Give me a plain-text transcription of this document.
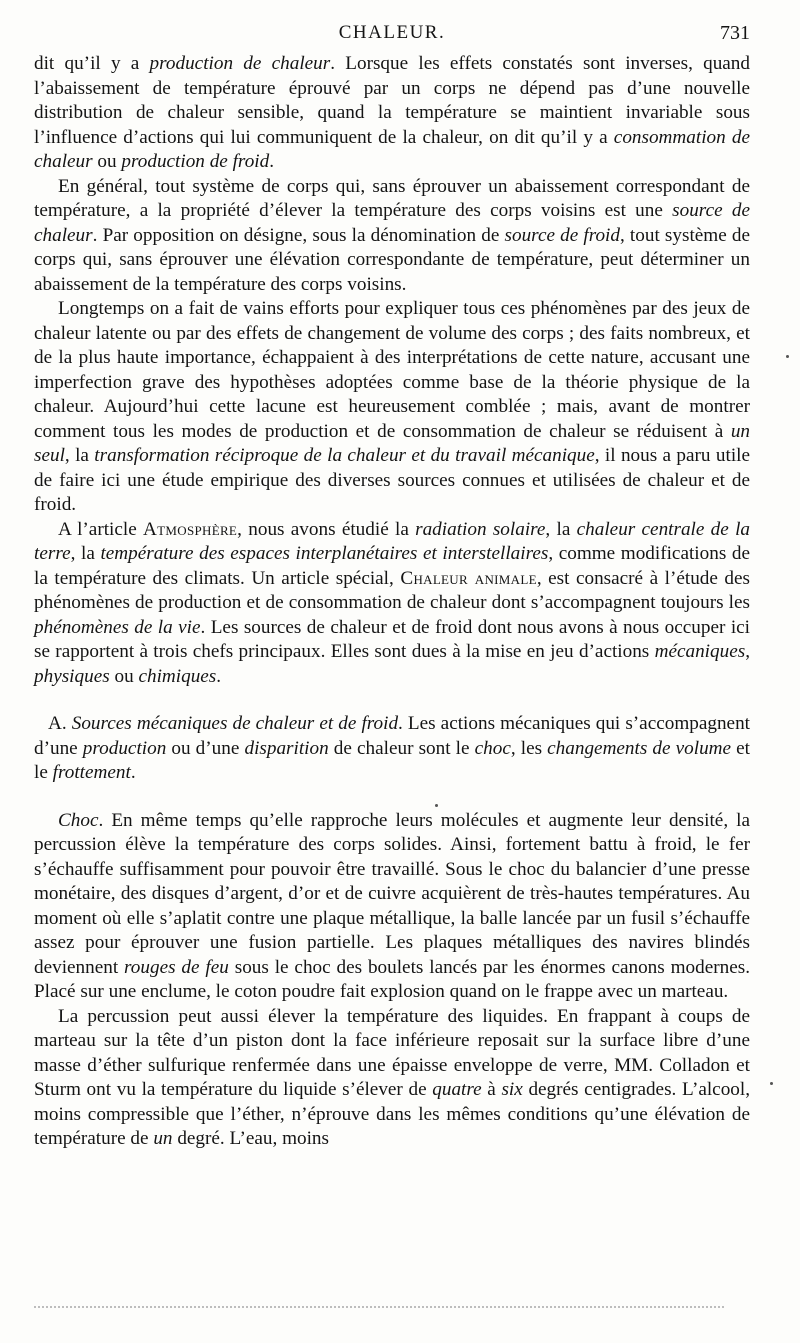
CHALEUR.	731

dit qu’il y a production de chaleur. Lorsque les effets constatés sont inverses, quand l’abaissement de température éprouvé par un corps ne dépend pas d’une nouvelle distribution de chaleur sensible, quand la température se maintient invariable sous l’influence d’actions qui lui communiquent de la chaleur, on dit qu’il y a consommation de chaleur ou production de froid.

En général, tout système de corps qui, sans éprouver un abaissement correspondant de température, a la propriété d’élever la température des corps voisins est une source de chaleur. Par opposition on désigne, sous la dénomination de source de froid, tout système de corps qui, sans éprouver une élévation correspondante de température, peut déterminer un abaissement de la température des corps voisins.

Longtemps on a fait de vains efforts pour expliquer tous ces phénomènes par des jeux de chaleur latente ou par des effets de changement de volume des corps ; des faits nombreux, et de la plus haute importance, échappaient à des interprétations de cette nature, accusant une imperfection grave des hypothèses adoptées comme base de la théorie physique de la chaleur. Aujourd’hui cette lacune est heureusement comblée ; mais, avant de montrer comment tous les modes de production et de consommation de chaleur se réduisent à un seul, la transformation réciproque de la chaleur et du travail mécanique, il nous a paru utile de faire ici une étude empirique des diverses sources connues et utilisées de chaleur et de froid.

A l’article Atmosphère, nous avons étudié la radiation solaire, la chaleur centrale de la terre, la température des espaces interplanétaires et interstellaires, comme modifications de la température des climats. Un article spécial, Chaleur animale, est consacré à l’étude des phénomènes de production et de consommation de chaleur dont s’accompagnent toujours les phénomènes de la vie. Les sources de chaleur et de froid dont nous avons à nous occuper ici se rapportent à trois chefs principaux. Elles sont dues à la mise en jeu d’actions mécaniques, physiques ou chimiques.

A. Sources mécaniques de chaleur et de froid. Les actions mécaniques qui s’accompagnent d’une production ou d’une disparition de chaleur sont le choc, les changements de volume et le frottement.

Choc. En même temps qu’elle rapproche leurs molécules et augmente leur densité, la percussion élève la température des corps solides. Ainsi, fortement battu à froid, le fer s’échauffe suffisamment pour pouvoir être travaillé. Sous le choc du balancier d’une presse monétaire, des disques d’argent, d’or et de cuivre acquièrent de très-hautes températures. Au moment où elle s’aplatit contre une plaque métallique, la balle lancée par un fusil s’échauffe assez pour éprouver une fusion partielle. Les plaques métalliques des navires blindés deviennent rouges de feu sous le choc des boulets lancés par les énormes canons modernes. Placé sur une enclume, le coton poudre fait explosion quand on le frappe avec un marteau.

La percussion peut aussi élever la température des liquides. En frappant à coups de marteau sur la tête d’un piston dont la face inférieure reposait sur la surface libre d’une masse d’éther sulfurique renfermée dans une épaisse enveloppe de verre, MM. Colladon et Sturm ont vu la température du liquide s’élever de quatre à six degrés centigrades. L’alcool, moins compressible que l’éther, n’éprouve dans les mêmes conditions qu’une élévation de température de un degré. L’eau, moins
